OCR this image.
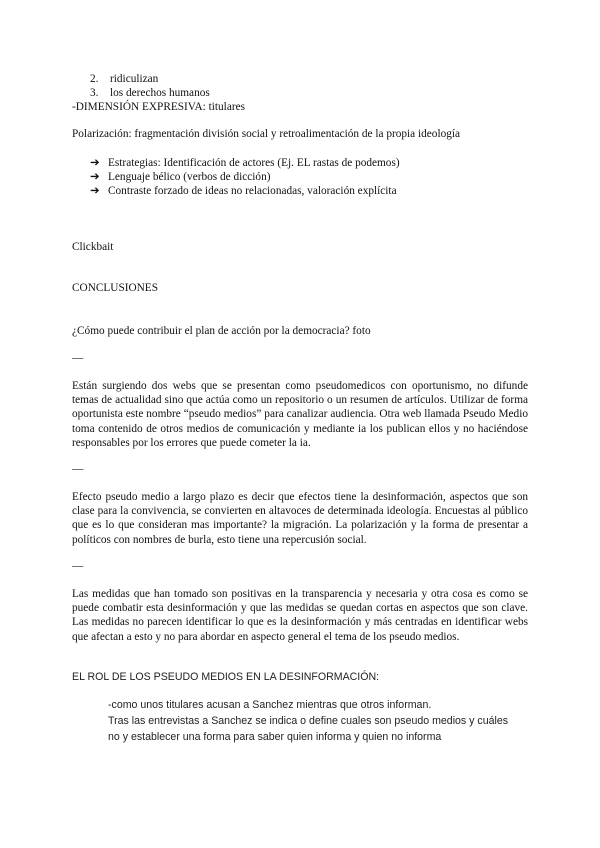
2. ridiculizan
3. los derechos humanos
-DIMENSIÓN EXPRESIVA: titulares
Polarización: fragmentación división social y retroalimentación de la propia ideología
➔ Estrategias: Identificación de actores (Ej. EL rastas de podemos)
➔ Lenguaje bélico (verbos de dicción)
➔ Contraste forzado de ideas no relacionadas, valoración explícita
Clickbait
CONCLUSIONES
¿Cómo puede contribuir el plan de acción por la democracia? foto
—

Están surgiendo dos webs que se presentan como pseudomedicos con oportunismo, no difunde temas de actualidad sino que actúa como un repositorio o un resumen de artículos. Utilizar de forma oportunista este nombre “pseudo medios” para canalizar audiencia. Otra web llamada Pseudo Medio toma contenido de otros medios de comunicación y mediante ia los publican ellos y no haciéndose responsables por los errores que puede cometer la ia.

—

Efecto pseudo medio a largo plazo es decir que efectos tiene la desinformación, aspectos que son clase para la convivencia, se convierten en altavoces de determinada ideología. Encuestas al público que es lo que consideran mas importante? la migración. La polarización y la forma de presentar a políticos con nombres de burla, esto tiene una repercusión social.

—

Las medidas que han tomado son positivas en la transparencia y necesaria y otra cosa es como se puede combatir esta desinformación y que las medidas se quedan cortas en aspectos que son clave. Las medidas no parecen identificar lo que es la desinformación y más centradas en identificar webs que afectan a esto y no para abordar en aspecto general el tema de los pseudo medios.

EL ROL DE LOS PSEUDO MEDIOS EN LA DESINFORMACIÓN:
-como unos titulares acusan a Sanchez mientras que otros informan.
Tras las entrevistas a Sanchez se indica o define cuales son pseudo medios y cuáles
no y establecer una forma para saber quien informa y quien no informa
